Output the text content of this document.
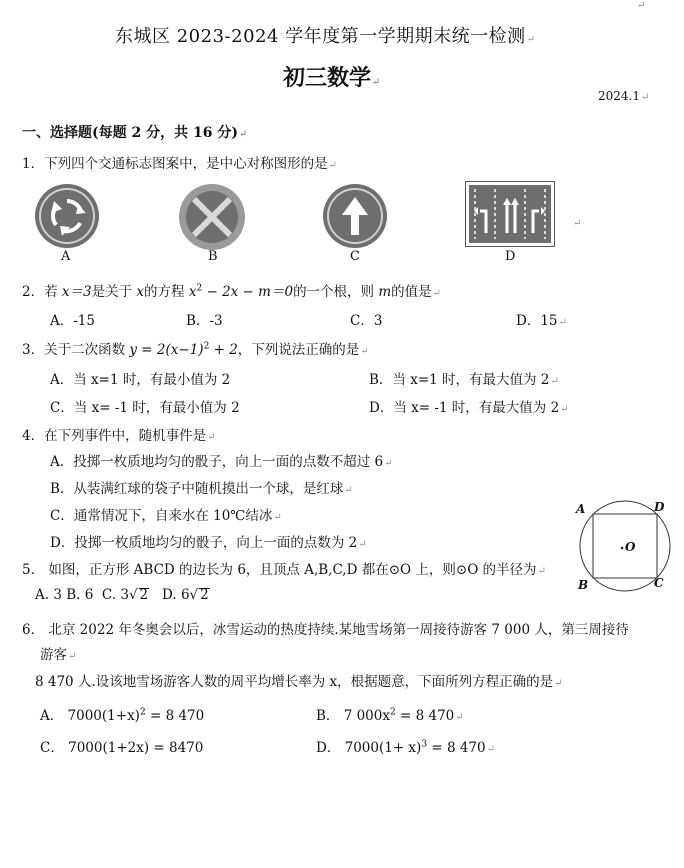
↵
东城区 2023-2024 学年度第一学期期末统一检测↵
初三数学↵
2024.1↵
一、选择题(每题 2 分，共 16 分)↵
1．下列四个交通标志图案中，是中心对称图形的是↵
A	B	C	D
↵
2．若 x＝3是关于 x的方程 $x^2 - 2x - m=0$的一个根，则 m的值是↵
A．-15	B．-3	C．3	D．15↵
3．关于二次函数 $y = 2(x-1)^2 + 2$，下列说法正确的是↵
A．当 x=1 时，有最小值为 2	B．当 x=1 时，有最大值为 2↵
C．当 x= -1 时，有最小值为 2	D．当 x= -1 时，有最大值为 2↵
4．在下列事件中，随机事件是↵
A．投掷一枚质地均匀的骰子，向上一面的点数不超过 6↵
B．从装满红球的袋子中随机摸出一个球，是红球↵
C．通常情况下，自来水在 10℃结冰↵
D．投掷一枚质地均匀的骰子，向上一面的点数为 2↵
A	D
B	C
O
5． 如图，正方形 ABCD 的边长为 6，且顶点 A,B,C,D 都在⊙O 上，则⊙O 的半径为↵
A. 3 B. 6 C. 3√ 2 D. 6√ 2
6． 北京 2022 年冬奥会以后，冰雪运动的热度持续.某地雪场第一周接待游客 7 000 人，第三周接待
游客↵
8 470 人.设该地雪场游客人数的周平均增长率为 x，根据题意，下面所列方程正确的是↵
A． $7000(1+x)^2 = 8$ 470	B． 7 $000x^2 = 8$ 470↵
C． 7000(1+2x) = 8470	D． $7000(1+ x)^3 = 8$ 470↵
